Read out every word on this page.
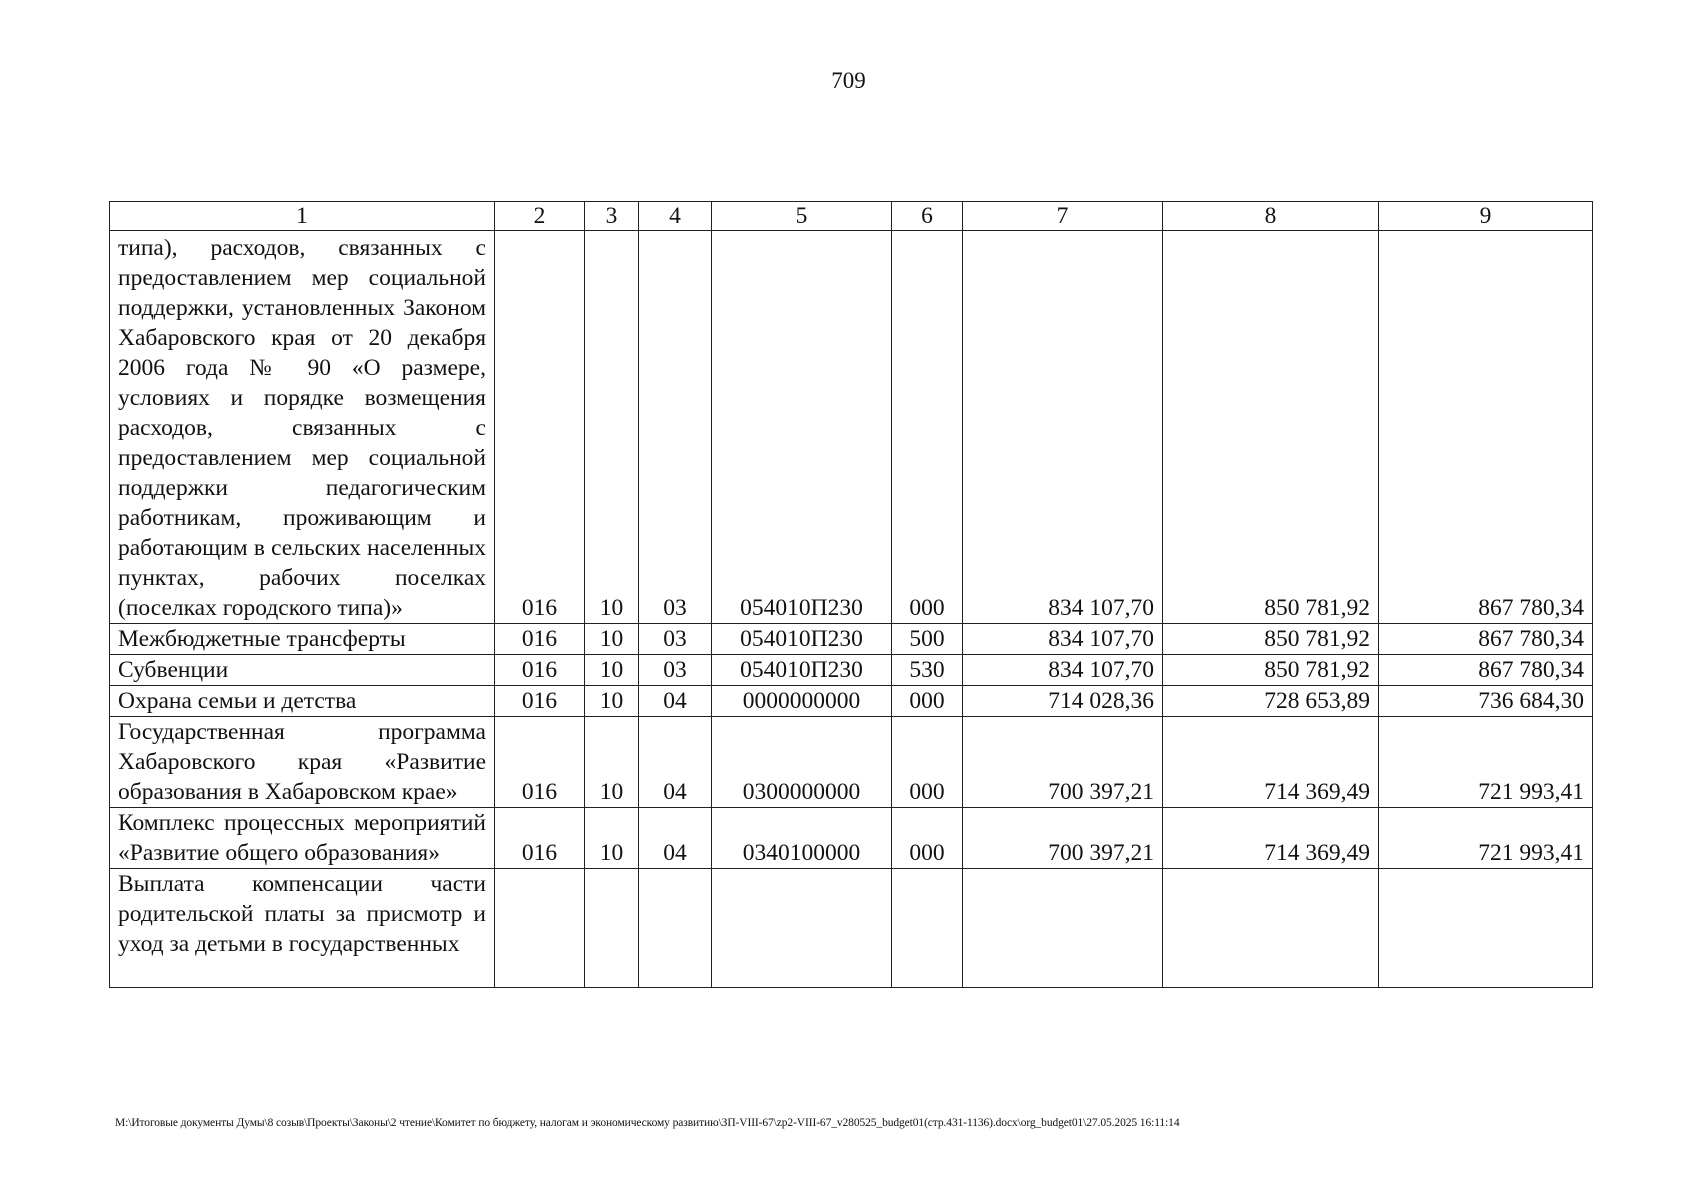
709
1	2	3	4	5	6	7	8	9
типа), расходов, связанных с предоставлением мер социальной поддержки, установленных Законом Хабаровского края от 20 декабря 2006 года № 90 «О размере, условиях и порядке возмещения расходов, связанных с предоставлением мер социальной поддержки педагогическим работникам, проживающим и работающим в сельских населенных пунктах, рабочих поселках (поселках городского типа)»	016	10	03	054010П230	000	834 107,70	850 781,92	867 780,34
Межбюджетные трансферты	016	10	03	054010П230	500	834 107,70	850 781,92	867 780,34
Субвенции	016	10	03	054010П230	530	834 107,70	850 781,92	867 780,34
Охрана семьи и детства	016	10	04	0000000000	000	714 028,36	728 653,89	736 684,30
Государственная программа Хабаровского края «Развитие образования в Хабаровском крае»	016	10	04	0300000000	000	700 397,21	714 369,49	721 993,41
Комплекс процессных мероприятий «Развитие общего образования»	016	10	04	0340100000	000	700 397,21	714 369,49	721 993,41
Выплата компенсации части родительской платы за присмотр и уход за детьми в государственных								
M:\Итоговые документы Думы\8 созыв\Проекты\Законы\2 чтение\Комитет по бюджету, налогам и экономическому развитию\ЗП-VIII-67\zp2-VIII-67_v280525_budget01(стр.431-1136).docx\org_budget01\27.05.2025 16:11:14
